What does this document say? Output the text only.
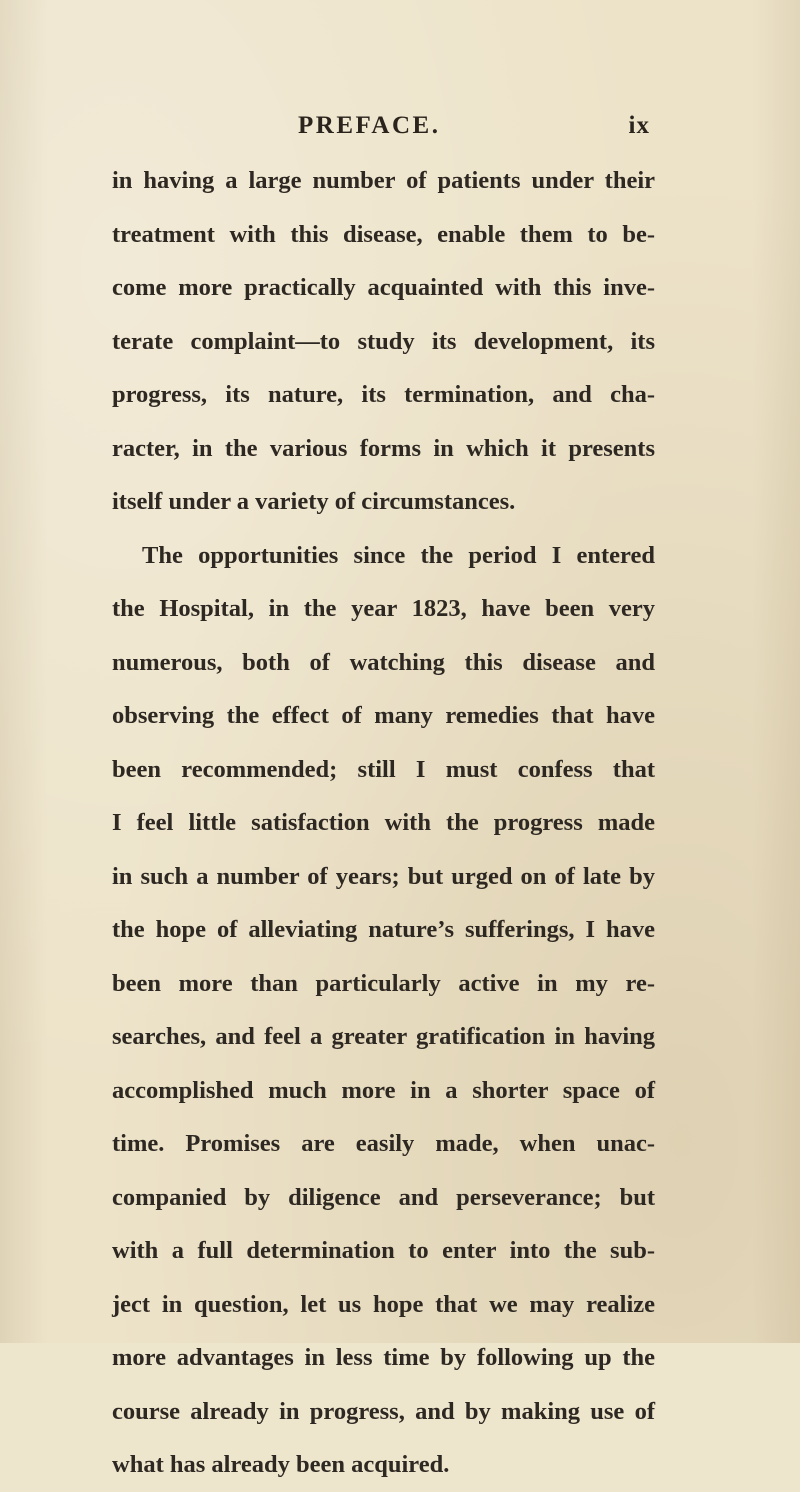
PREFACE.	ix
in having a large number of patients under their
treatment with this disease, enable them to be-
come more practically acquainted with this inve-
terate complaint—to study its development, its
progress, its nature, its termination, and cha-
racter, in the various forms in which it presents
itself under a variety of circumstances.
The opportunities since the period I entered
the Hospital, in the year 1823, have been very
numerous, both of watching this disease and
observing the effect of many remedies that have
been recommended; still I must confess that
I feel little satisfaction with the progress made
in such a number of years; but urged on of late by
the hope of alleviating nature’s sufferings, I have
been more than particularly active in my re-
searches, and feel a greater gratification in having
accomplished much more in a shorter space of
time. Promises are easily made, when unac-
companied by diligence and perseverance; but
with a full determination to enter into the sub-
ject in question, let us hope that we may realize
more advantages in less time by following up the
course already in progress, and by making use of
what has already been acquired.
